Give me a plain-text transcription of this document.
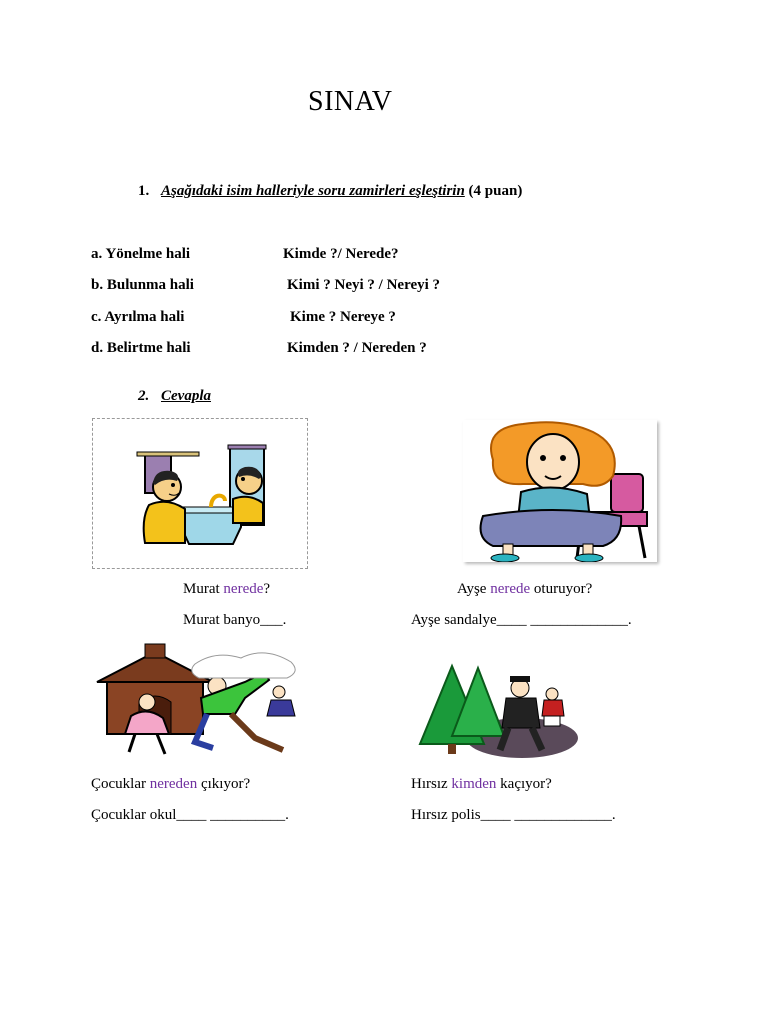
SINAV
1. Aşağıdaki isim halleriyle soru zamirleri eşleştirin (4 puan)
a. Yönelme hali	Kimde ?/ Nerede?
b. Bulunma hali	Kimi ? Neyi ? / Nereyi ?
c. Ayrılma hali	Kime ? Nereye ?
d. Belirtme hali	Kimden ? / Nereden ?
2. Cevapla
Murat nerede?
Murat banyo___.
Ayşe nerede oturuyor?
Ayşe sandalye____ _____________.
Çocuklar nereden çıkıyor?
Çocuklar okul____ __________.
Hırsız kimden kaçıyor?
Hırsız polis____ _____________.
